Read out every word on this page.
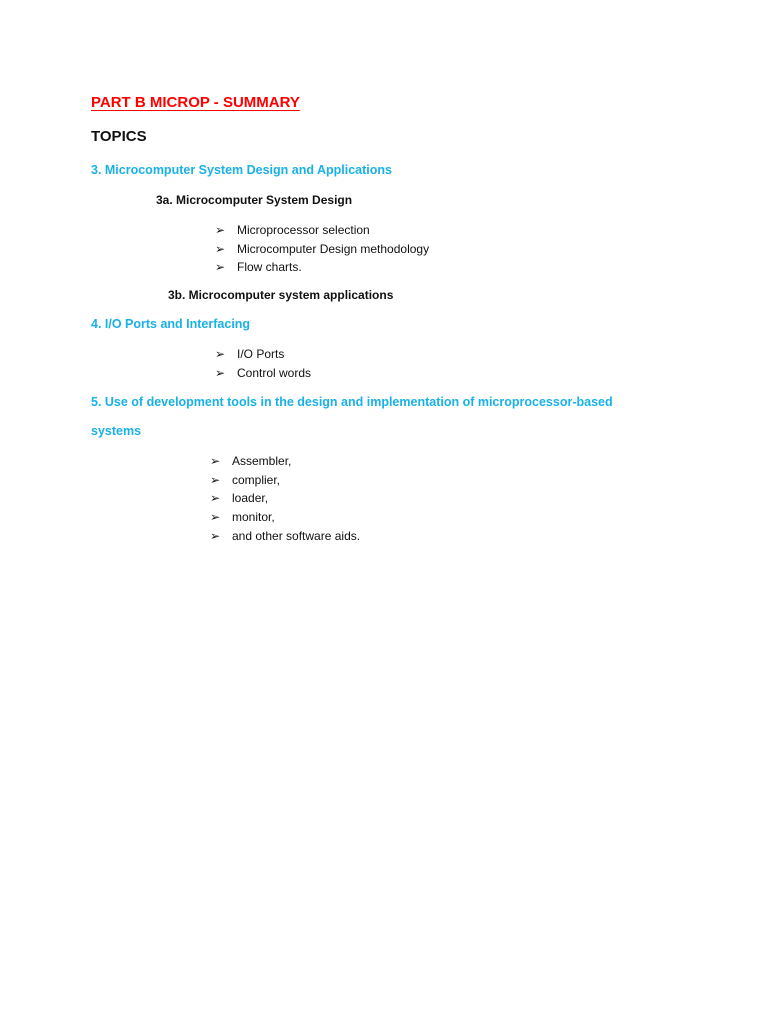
PART B MICROP - SUMMARY
TOPICS
3. Microcomputer System Design and Applications
3a. Microcomputer System Design
➢ Microprocessor selection
➢ Microcomputer Design methodology
➢ Flow charts.
3b. Microcomputer system applications
4. I/O Ports and Interfacing
➢ I/O Ports
➢ Control words
5. Use of development tools in the design and implementation of microprocessor-based
systems
➢ Assembler,
➢ complier,
➢ loader,
➢ monitor,
➢ and other software aids.
